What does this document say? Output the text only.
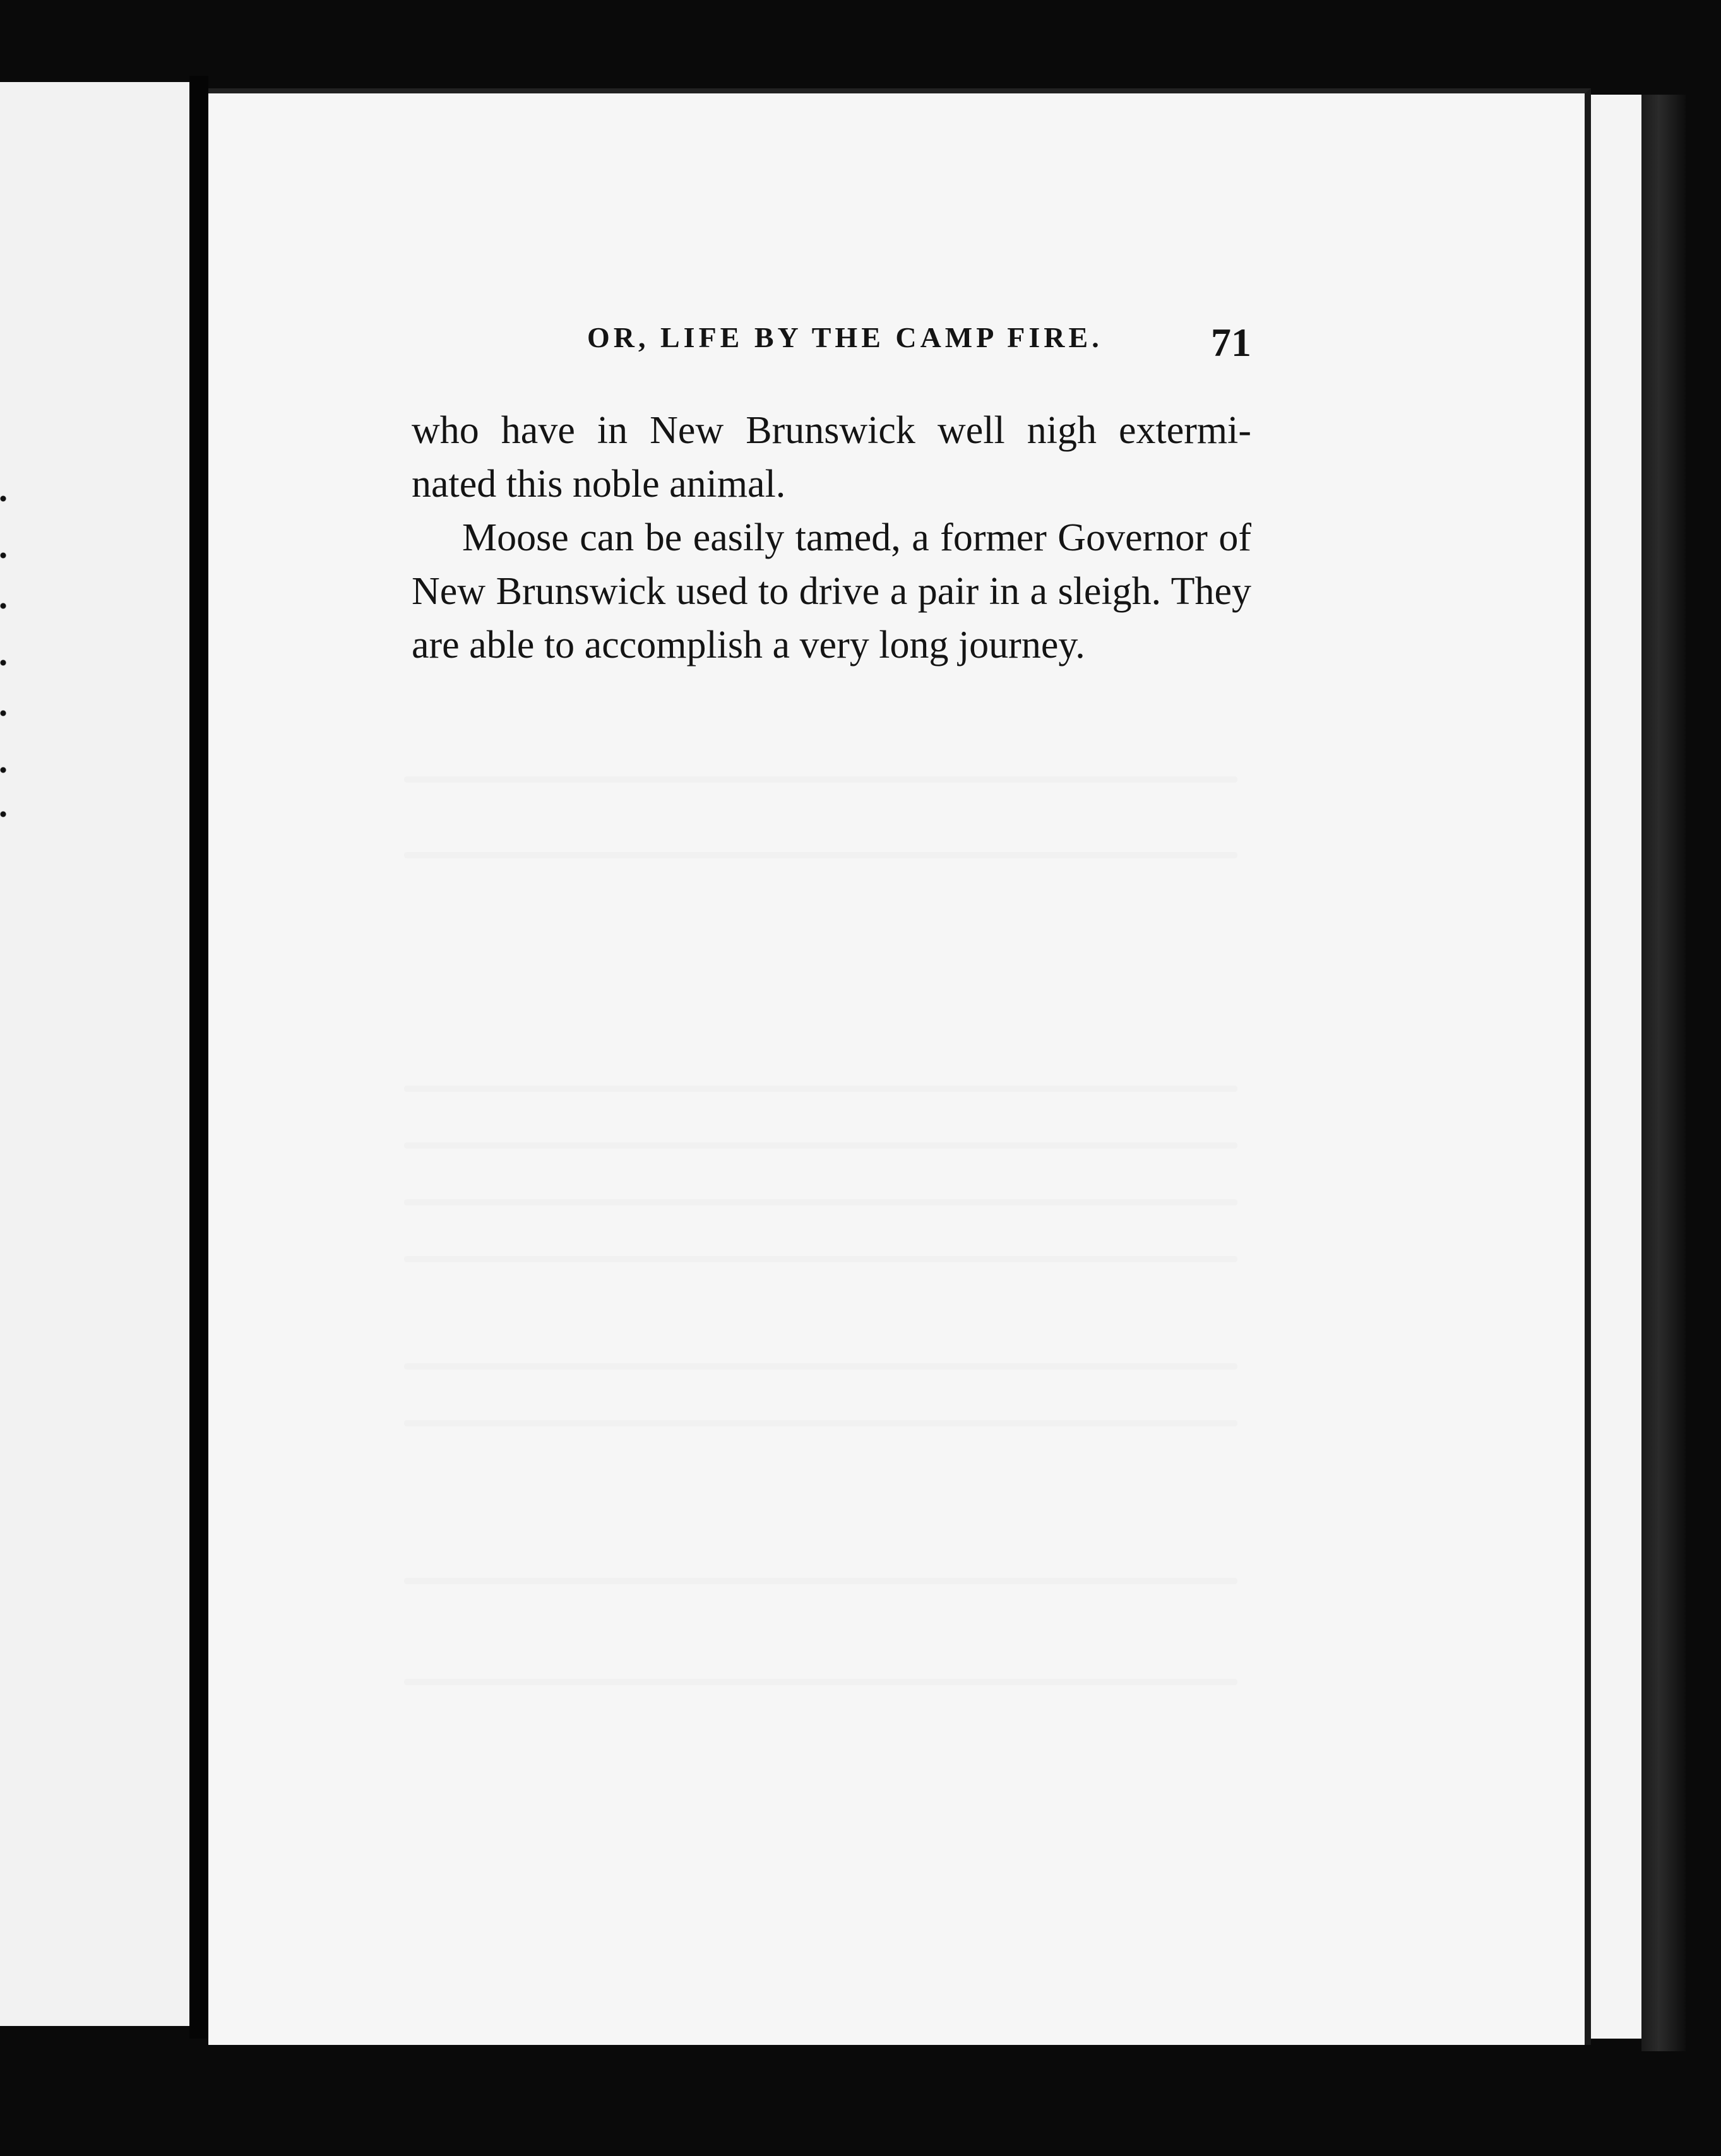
OR, LIFE BY THE CAMP FIRE.	71

who have in New Brunswick well nigh extermi- nated this noble animal.

Moose can be easily tamed, a former Governor of New Brunswick used to drive a pair in a sleigh. They are able to accomplish a very long journey.
